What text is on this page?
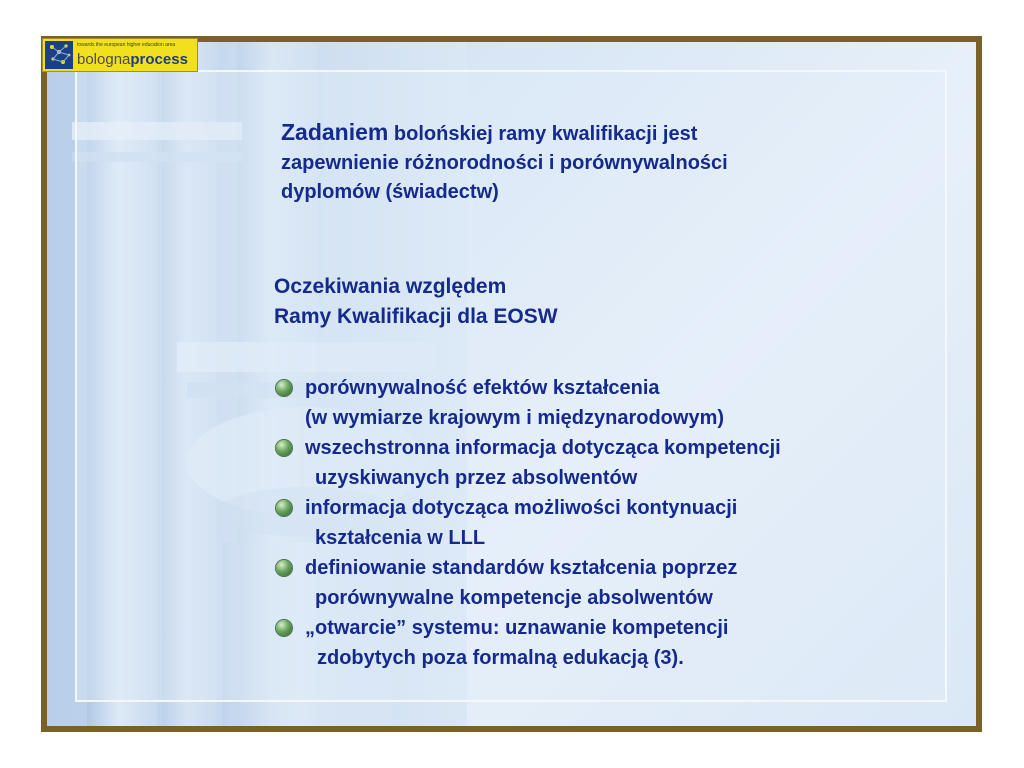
towards the european higher education area
bolognaprocess
Zadaniem bolońskiej ramy kwalifikacji jest
zapewnienie różnorodności i porównywalności
dyplomów (świadectw)
Oczekiwania względem
Ramy Kwalifikacji dla EOSW
porównywalność efektów kształcenia
(w wymiarze krajowym i międzynarodowym)
wszechstronna informacja dotycząca kompetencji
uzyskiwanych przez absolwentów
informacja dotycząca możliwości kontynuacji
kształcenia w LLL
definiowanie standardów kształcenia poprzez
porównywalne kompetencje absolwentów
„otwarcie” systemu: uznawanie kompetencji
zdobytych poza formalną edukacją (3).
